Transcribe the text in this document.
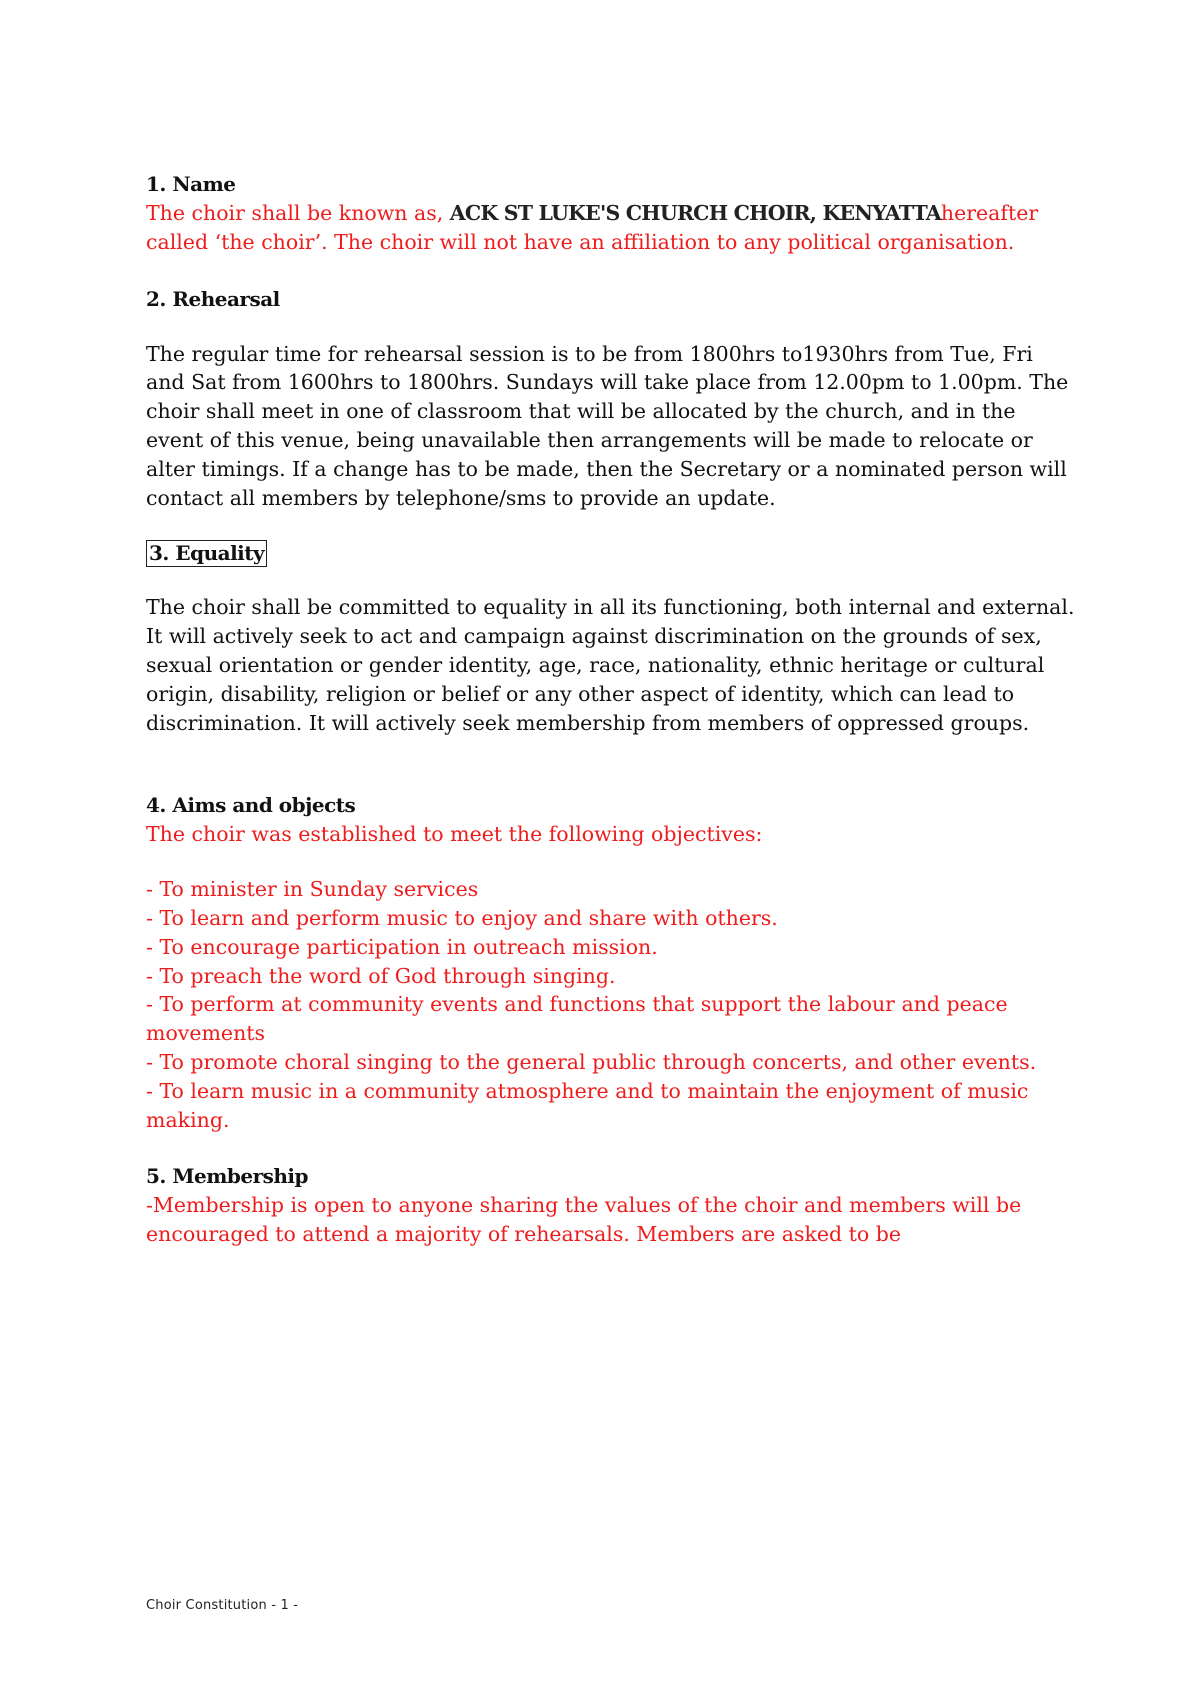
1. Name

The choir shall be known as, ACK ST LUKE'S CHURCH CHOIR, KENYATTAhereafter called ‘the choir’. The choir will not have an affiliation to any political organisation.

2. Rehearsal

The regular time for rehearsal session is to be from 1800hrs to1930hrs from Tue, Fri and Sat from 1600hrs to 1800hrs. Sundays will take place from 12.00pm to 1.00pm. The choir shall meet in one of classroom that will be allocated by the church, and in the event of this venue, being unavailable then arrangements will be made to relocate or alter timings. If a change has to be made, then the Secretary or a nominated person will contact all members by telephone/sms to provide an update.

3. Equality

The choir shall be committed to equality in all its functioning, both internal and external. It will actively seek to act and campaign against discrimination on the grounds of sex, sexual orientation or gender identity, age, race, nationality, ethnic heritage or cultural origin, disability, religion or belief or any other aspect of identity, which can lead to discrimination. It will actively seek membership from members of oppressed groups.

4. Aims and objects

The choir was established to meet the following objectives:

- To minister in Sunday services

- To learn and perform music to enjoy and share with others.

- To encourage participation in outreach mission.

- To preach the word of God through singing.

- To perform at community events and functions that support the labour and peace movements

- To promote choral singing to the general public through concerts, and other events.

- To learn music in a community atmosphere and to maintain the enjoyment of music making.

5. Membership

-Membership is open to anyone sharing the values of the choir and members will be encouraged to attend a majority of rehearsals. Members are asked to be

Choir Constitution - 1 -
